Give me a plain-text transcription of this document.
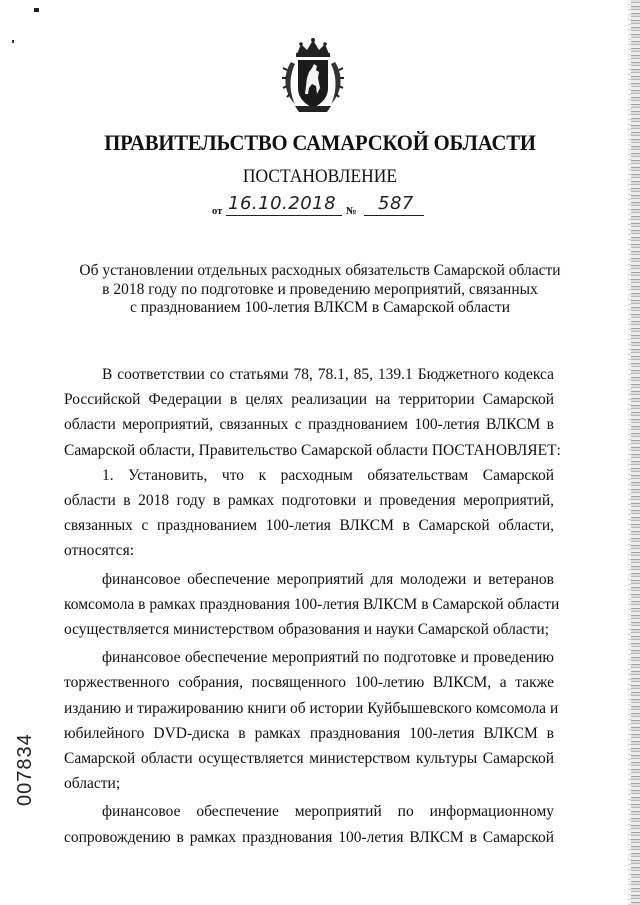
ПРАВИТЕЛЬСТВО САМАРСКОЙ ОБЛАСТИ
ПОСТАНОВЛЕНИЕ
от 16.10.2018 № 587
Об установлении отдельных расходных обязательств Самарской области
в 2018 году по подготовке и проведению мероприятий, связанных
с празднованием 100-летия ВЛКСМ в Самарской области

В соответствии со статьями 78, 78.1, 85, 139.1 Бюджетного кодекса
Российской Федерации в целях реализации на территории Самарской
области мероприятий, связанных с празднованием 100-летия ВЛКСМ в
Самарской области, Правительство Самарской области ПОСТАНОВЛЯЕТ:

1. Установить, что к расходным обязательствам Самарской
области в 2018 году в рамках подготовки и проведения мероприятий,
связанных с празднованием 100-летия ВЛКСМ в Самарской области,
относятся:

финансовое обеспечение мероприятий для молодежи и ветеранов
комсомола в рамках празднования 100-летия ВЛКСМ в Самарской области
осуществляется министерством образования и науки Самарской области;

финансовое обеспечение мероприятий по подготовке и проведению
торжественного собрания, посвященного 100-летию ВЛКСМ, а также
изданию и тиражированию книги об истории Куйбышевского комсомола и
юбилейного DVD-диска в рамках празднования 100-летия ВЛКСМ в
Самарской области осуществляется министерством культуры Самарской
области;

финансовое обеспечение мероприятий по информационному
сопровождению в рамках празднования 100-летия ВЛКСМ в Самарской

007834
